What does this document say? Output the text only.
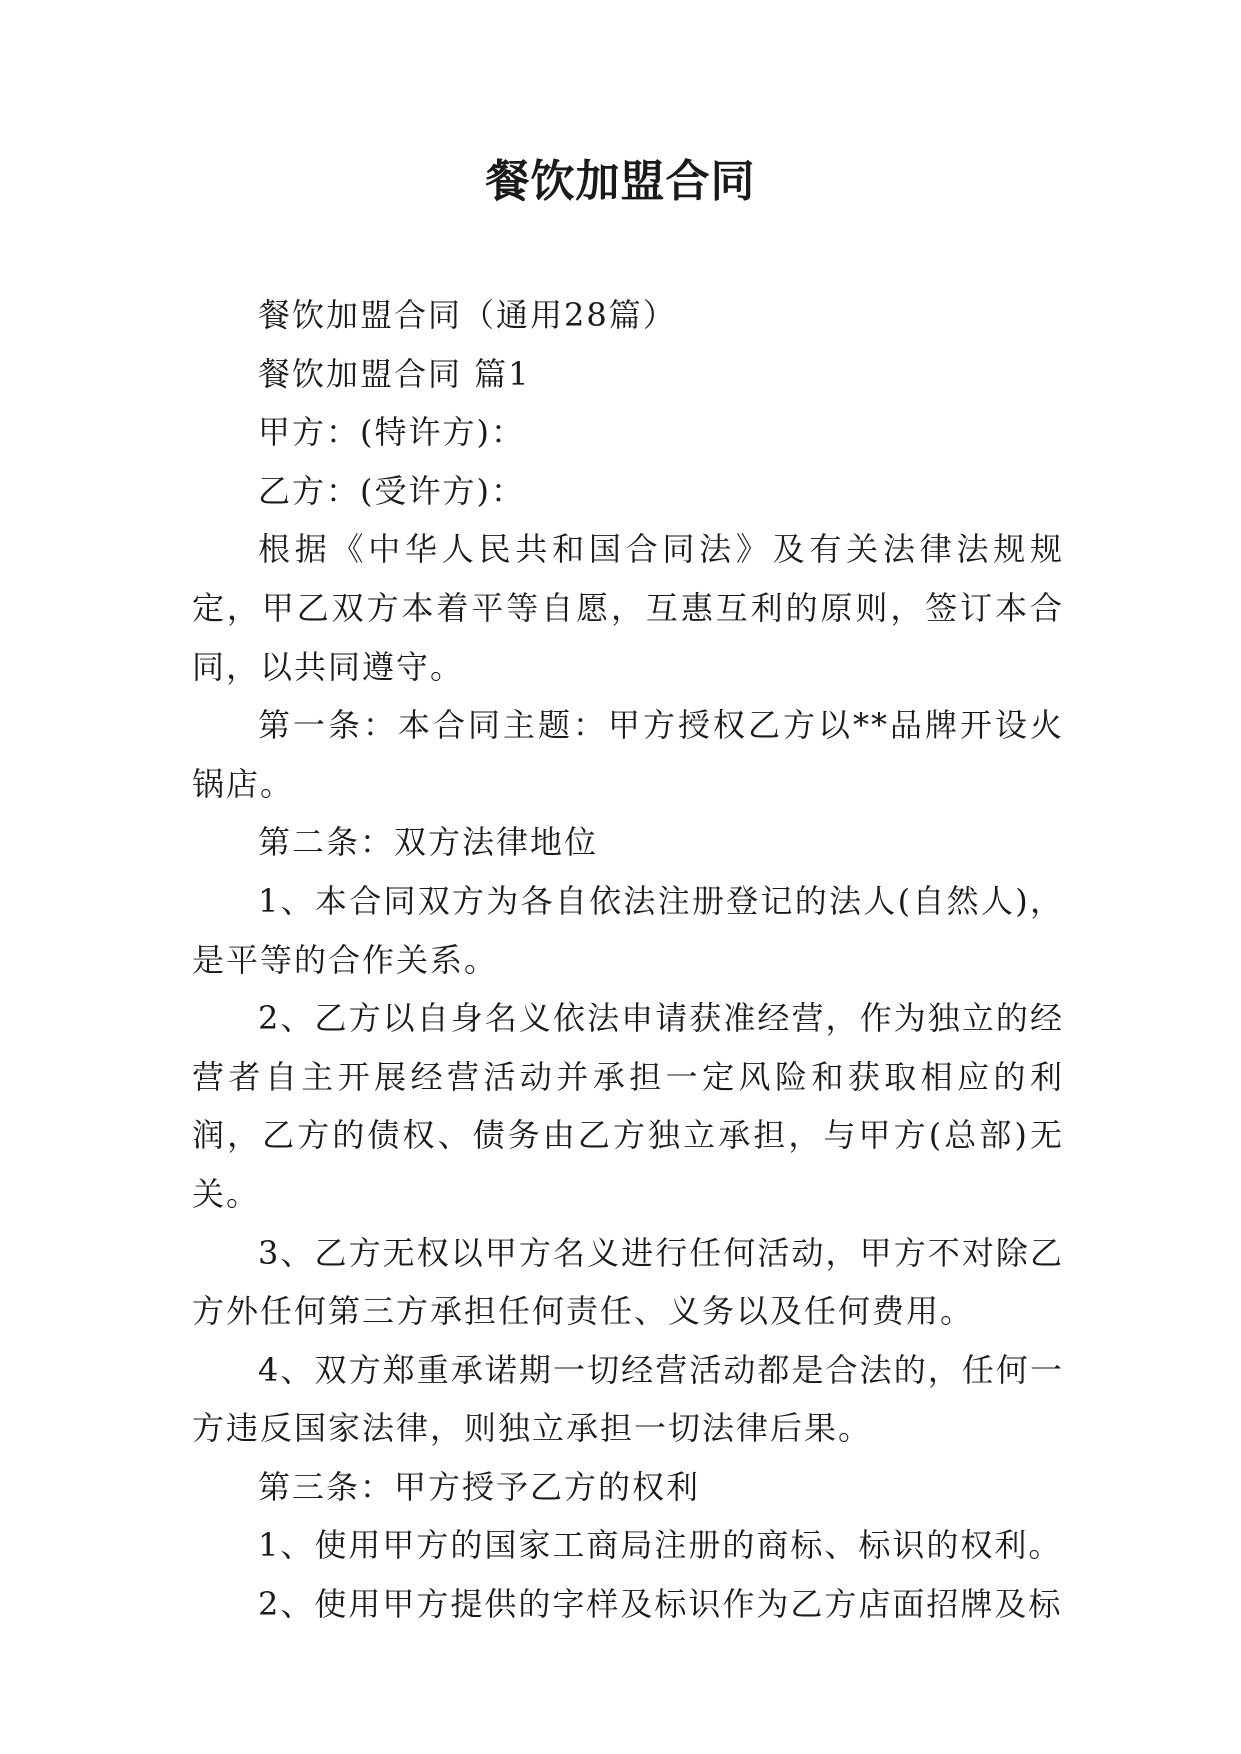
餐饮加盟合同

餐饮加盟合同（通用28篇）

餐饮加盟合同 篇1

甲方：(特许方)：

乙方：(受许方)：

根据《中华人民共和国合同法》及有关法律法规规定，甲乙双方本着平等自愿，互惠互利的原则，签订本合同，以共同遵守。

第一条：本合同主题：甲方授权乙方以**品牌开设火锅店。

第二条：双方法律地位

1、本合同双方为各自依法注册登记的法人(自然人)，是平等的合作关系。

2、乙方以自身名义依法申请获准经营，作为独立的经营者自主开展经营活动并承担一定风险和获取相应的利润，乙方的债权、债务由乙方独立承担，与甲方(总部)无关。

3、乙方无权以甲方名义进行任何活动，甲方不对除乙方外任何第三方承担任何责任、义务以及任何费用。

4、双方郑重承诺期一切经营活动都是合法的，任何一方违反国家法律，则独立承担一切法律后果。

第三条：甲方授予乙方的权利

1、使用甲方的国家工商局注册的商标、标识的权利。

2、使用甲方提供的字样及标识作为乙方店面招牌及标
